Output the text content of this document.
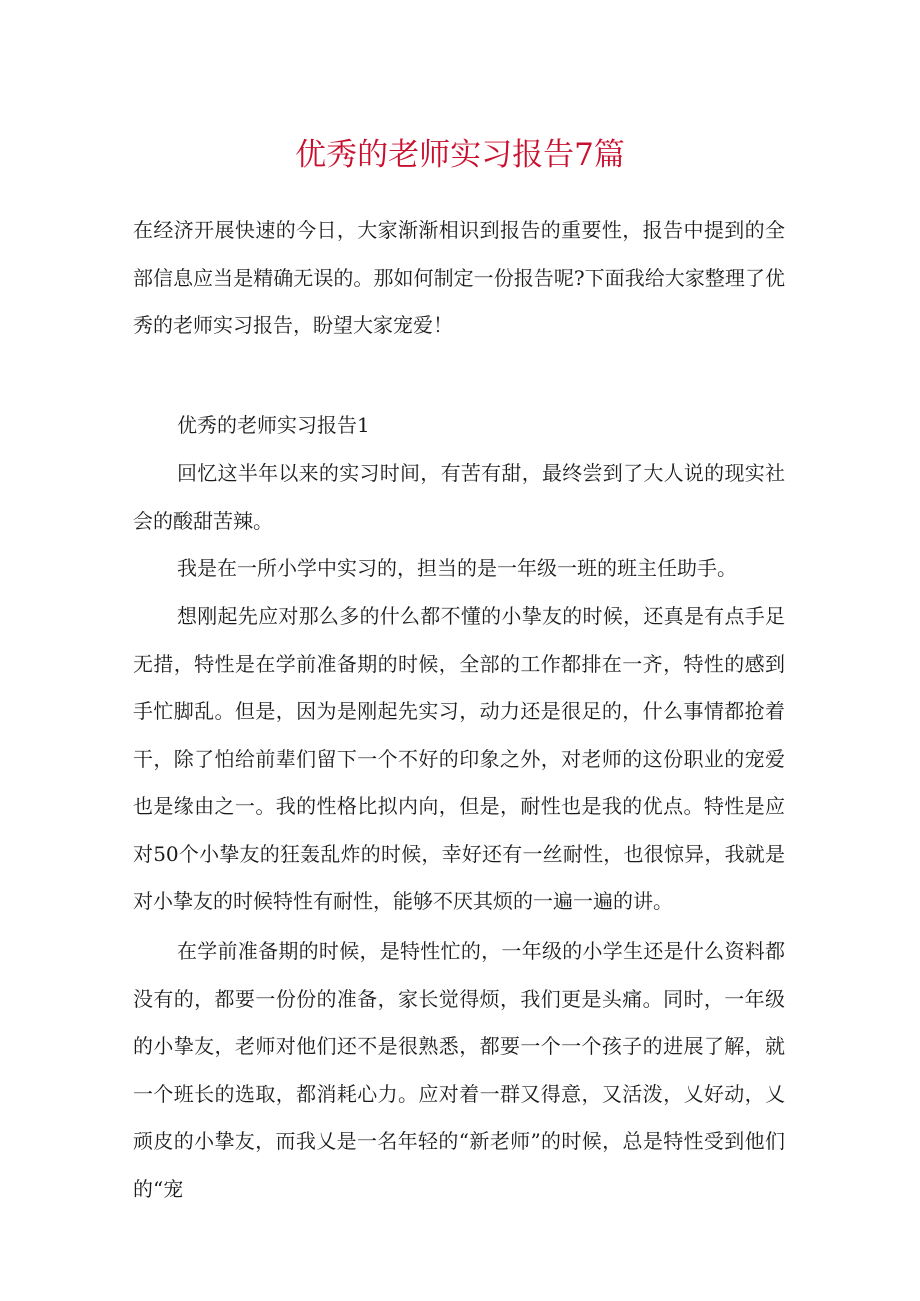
优秀的老师实习报告7篇

在经济开展快速的今日，大家渐渐相识到报告的重要性，报告中提到的全部信息应当是精确无误的。那如何制定一份报告呢?下面我给大家整理了优秀的老师实习报告，盼望大家宠爱！

优秀的老师实习报告1

回忆这半年以来的实习时间，有苦有甜，最终尝到了大人说的现实社会的酸甜苦辣。

我是在一所小学中实习的，担当的是一年级一班的班主任助手。

想刚起先应对那么多的什么都不懂的小挚友的时候，还真是有点手足无措，特性是在学前准备期的时候，全部的工作都排在一齐，特性的感到手忙脚乱。但是，因为是刚起先实习，动力还是很足的，什么事情都抢着干，除了怕给前辈们留下一个不好的印象之外，对老师的这份职业的宠爱也是缘由之一。我的性格比拟内向，但是，耐性也是我的优点。特性是应对50个小挚友的狂轰乱炸的时候，幸好还有一丝耐性，也很惊异，我就是对小挚友的时候特性有耐性，能够不厌其烦的一遍一遍的讲。

在学前准备期的时候，是特性忙的，一年级的小学生还是什么资料都没有的，都要一份份的准备，家长觉得烦，我们更是头痛。同时，一年级的小挚友，老师对他们还不是很熟悉，都要一个一个孩子的进展了解，就一个班长的选取，都消耗心力。应对着一群又得意，又活泼，乂好动，乂顽皮的小挚友，而我乂是一名年轻的“新老师”的时候，总是特性受到他们的“宠
